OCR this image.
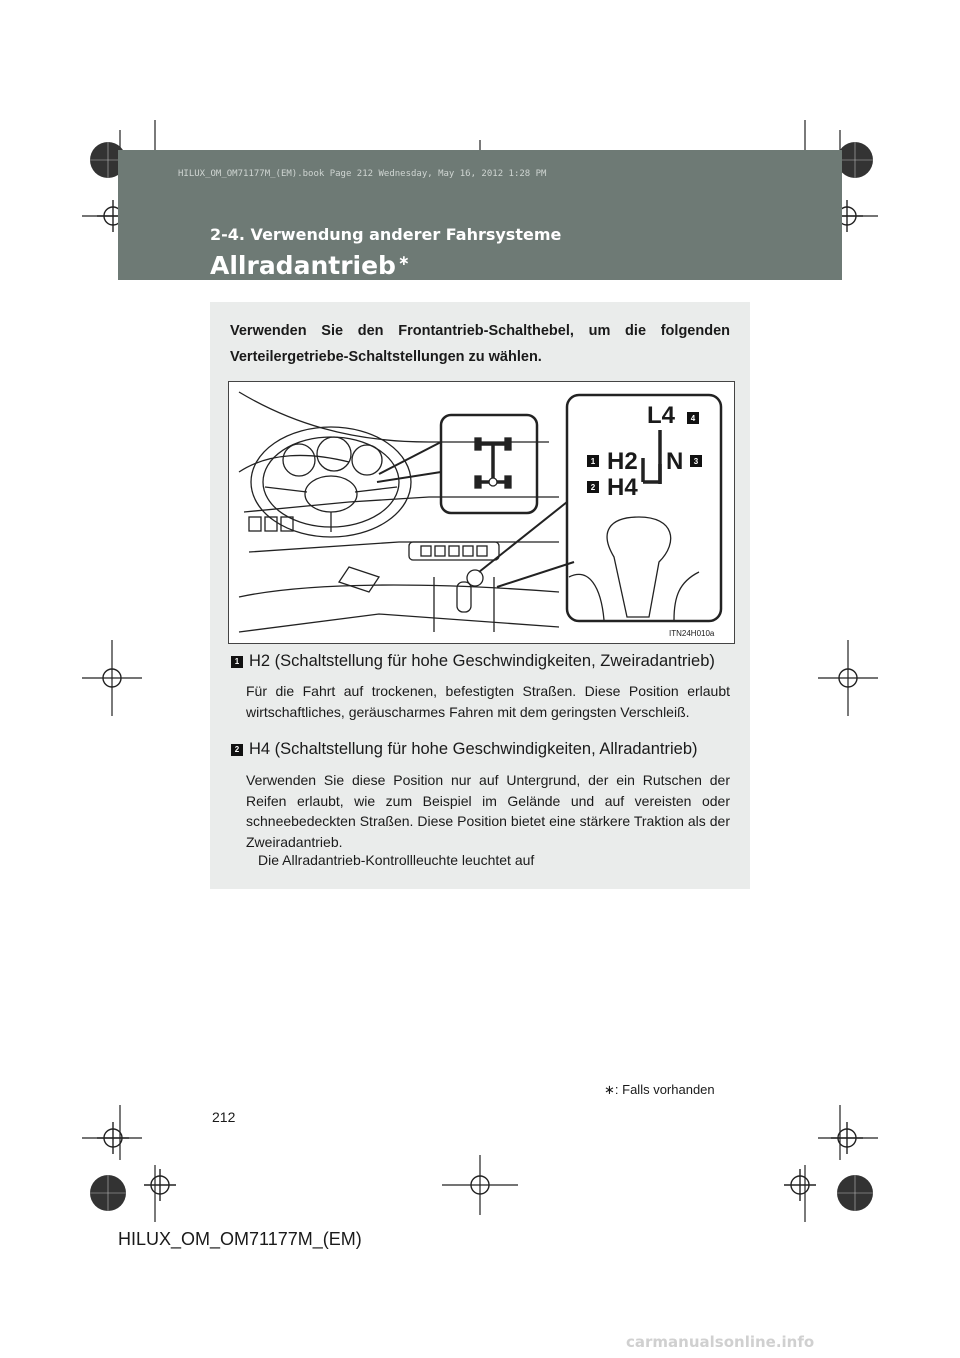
HILUX_OM_OM71177M_(EM).book Page 212 Wednesday, May 16, 2012 1:28 PM
2-4. Verwendung anderer Fahrsysteme
Allradantrieb ∗
Verwenden Sie den Frontantrieb-Schalthebel, um die folgenden Verteilergetriebe-Schaltstellungen zu wählen.
L4
H2 N
H4
1
2
3
4
ITN24H010a
1 H2 (Schaltstellung für hohe Geschwindigkeiten, Zweiradantrieb)
Für die Fahrt auf trockenen, befestigten Straßen. Diese Position erlaubt wirtschaftliches, geräuscharmes Fahren mit dem geringsten Verschleiß.
2 H4 (Schaltstellung für hohe Geschwindigkeiten, Allradantrieb)
Verwenden Sie diese Position nur auf Untergrund, der ein Rutschen der Reifen erlaubt, wie zum Beispiel im Gelände und auf vereisten oder schneebedeckten Straßen. Diese Position bietet eine stärkere Traktion als der Zweiradantrieb.
Die Allradantrieb-Kontrollleuchte leuchtet auf
∗: Falls vorhanden
212
HILUX_OM_OM71177M_(EM)
carmanualsonline.info
